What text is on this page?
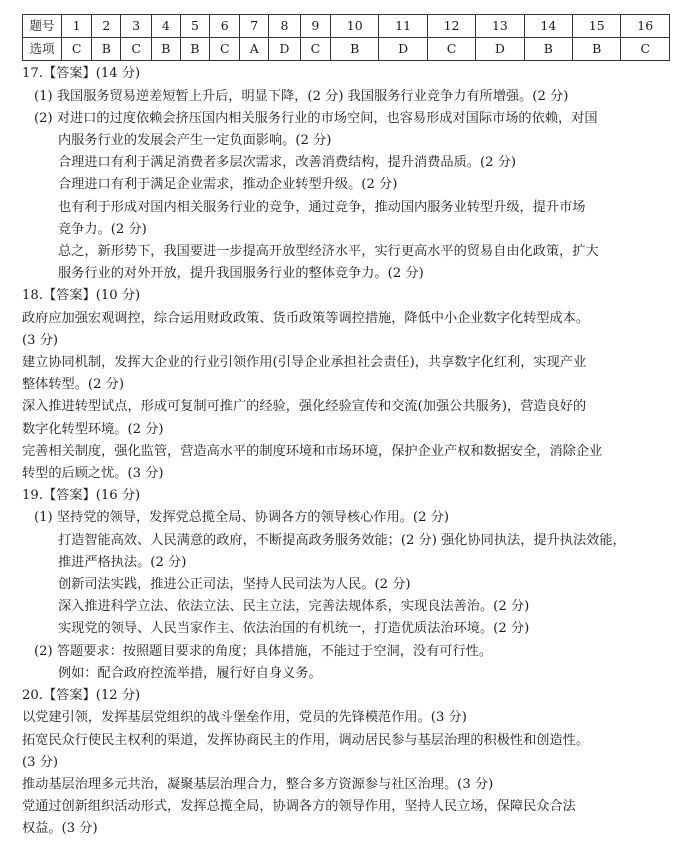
题号	1	2	3	4	5	6	7	8	9	10	11	12	13	14	15	16
选项	C	B	C	B	B	C	A	D	C	B	D	C	D	B	B	C
17.【答案】(14 分)
(1) 我国服务贸易逆差短暂上升后，明显下降，(2 分) 我国服务行业竞争力有所增强。(2 分)
(2) 对进口的过度依赖会挤压国内相关服务行业的市场空间，也容易形成对国际市场的依赖，对国
内服务行业的发展会产生一定负面影响。(2 分)
合理进口有利于满足消费者多层次需求，改善消费结构，提升消费品质。(2 分)
合理进口有利于满足企业需求，推动企业转型升级。(2 分)
也有利于形成对国内相关服务行业的竞争，通过竞争，推动国内服务业转型升级，提升市场
竞争力。(2 分)
总之，新形势下，我国要进一步提高开放型经济水平，实行更高水平的贸易自由化政策，扩大
服务行业的对外开放，提升我国服务行业的整体竞争力。(2 分)
18.【答案】(10 分)
政府应加强宏观调控，综合运用财政政策、货币政策等调控措施，降低中小企业数字化转型成本。
(3 分)
建立协同机制，发挥大企业的行业引领作用(引导企业承担社会责任)，共享数字化红利，实现产业
整体转型。(2 分)
深入推进转型试点，形成可复制可推广的经验，强化经验宣传和交流(加强公共服务)，营造良好的
数字化转型环境。(2 分)
完善相关制度，强化监管，营造高水平的制度环境和市场环境，保护企业产权和数据安全，消除企业
转型的后顾之忧。(3 分)
19.【答案】(16 分)
(1) 坚持党的领导，发挥党总揽全局、协调各方的领导核心作用。(2 分)
打造智能高效、人民满意的政府，不断提高政务服务效能；(2 分) 强化协同执法，提升执法效能，
推进严格执法。(2 分)
创新司法实践，推进公正司法，坚持人民司法为人民。(2 分)
深入推进科学立法、依法立法、民主立法，完善法规体系，实现良法善治。(2 分)
实现党的领导、人民当家作主、依法治国的有机统一，打造优质法治环境。(2 分)
(2) 答题要求：按照题目要求的角度；具体措施，不能过于空洞，没有可行性。
例如：配合政府控流举措，履行好自身义务。
20.【答案】(12 分)
以党建引领，发挥基层党组织的战斗堡垒作用，党员的先锋模范作用。(3 分)
拓宽民众行使民主权利的渠道，发挥协商民主的作用，调动居民参与基层治理的积极性和创造性。
(3 分)
推动基层治理多元共治，凝聚基层治理合力，整合多方资源参与社区治理。(3 分)
党通过创新组织活动形式，发挥总揽全局，协调各方的领导作用，坚持人民立场，保障民众合法
权益。(3 分)
